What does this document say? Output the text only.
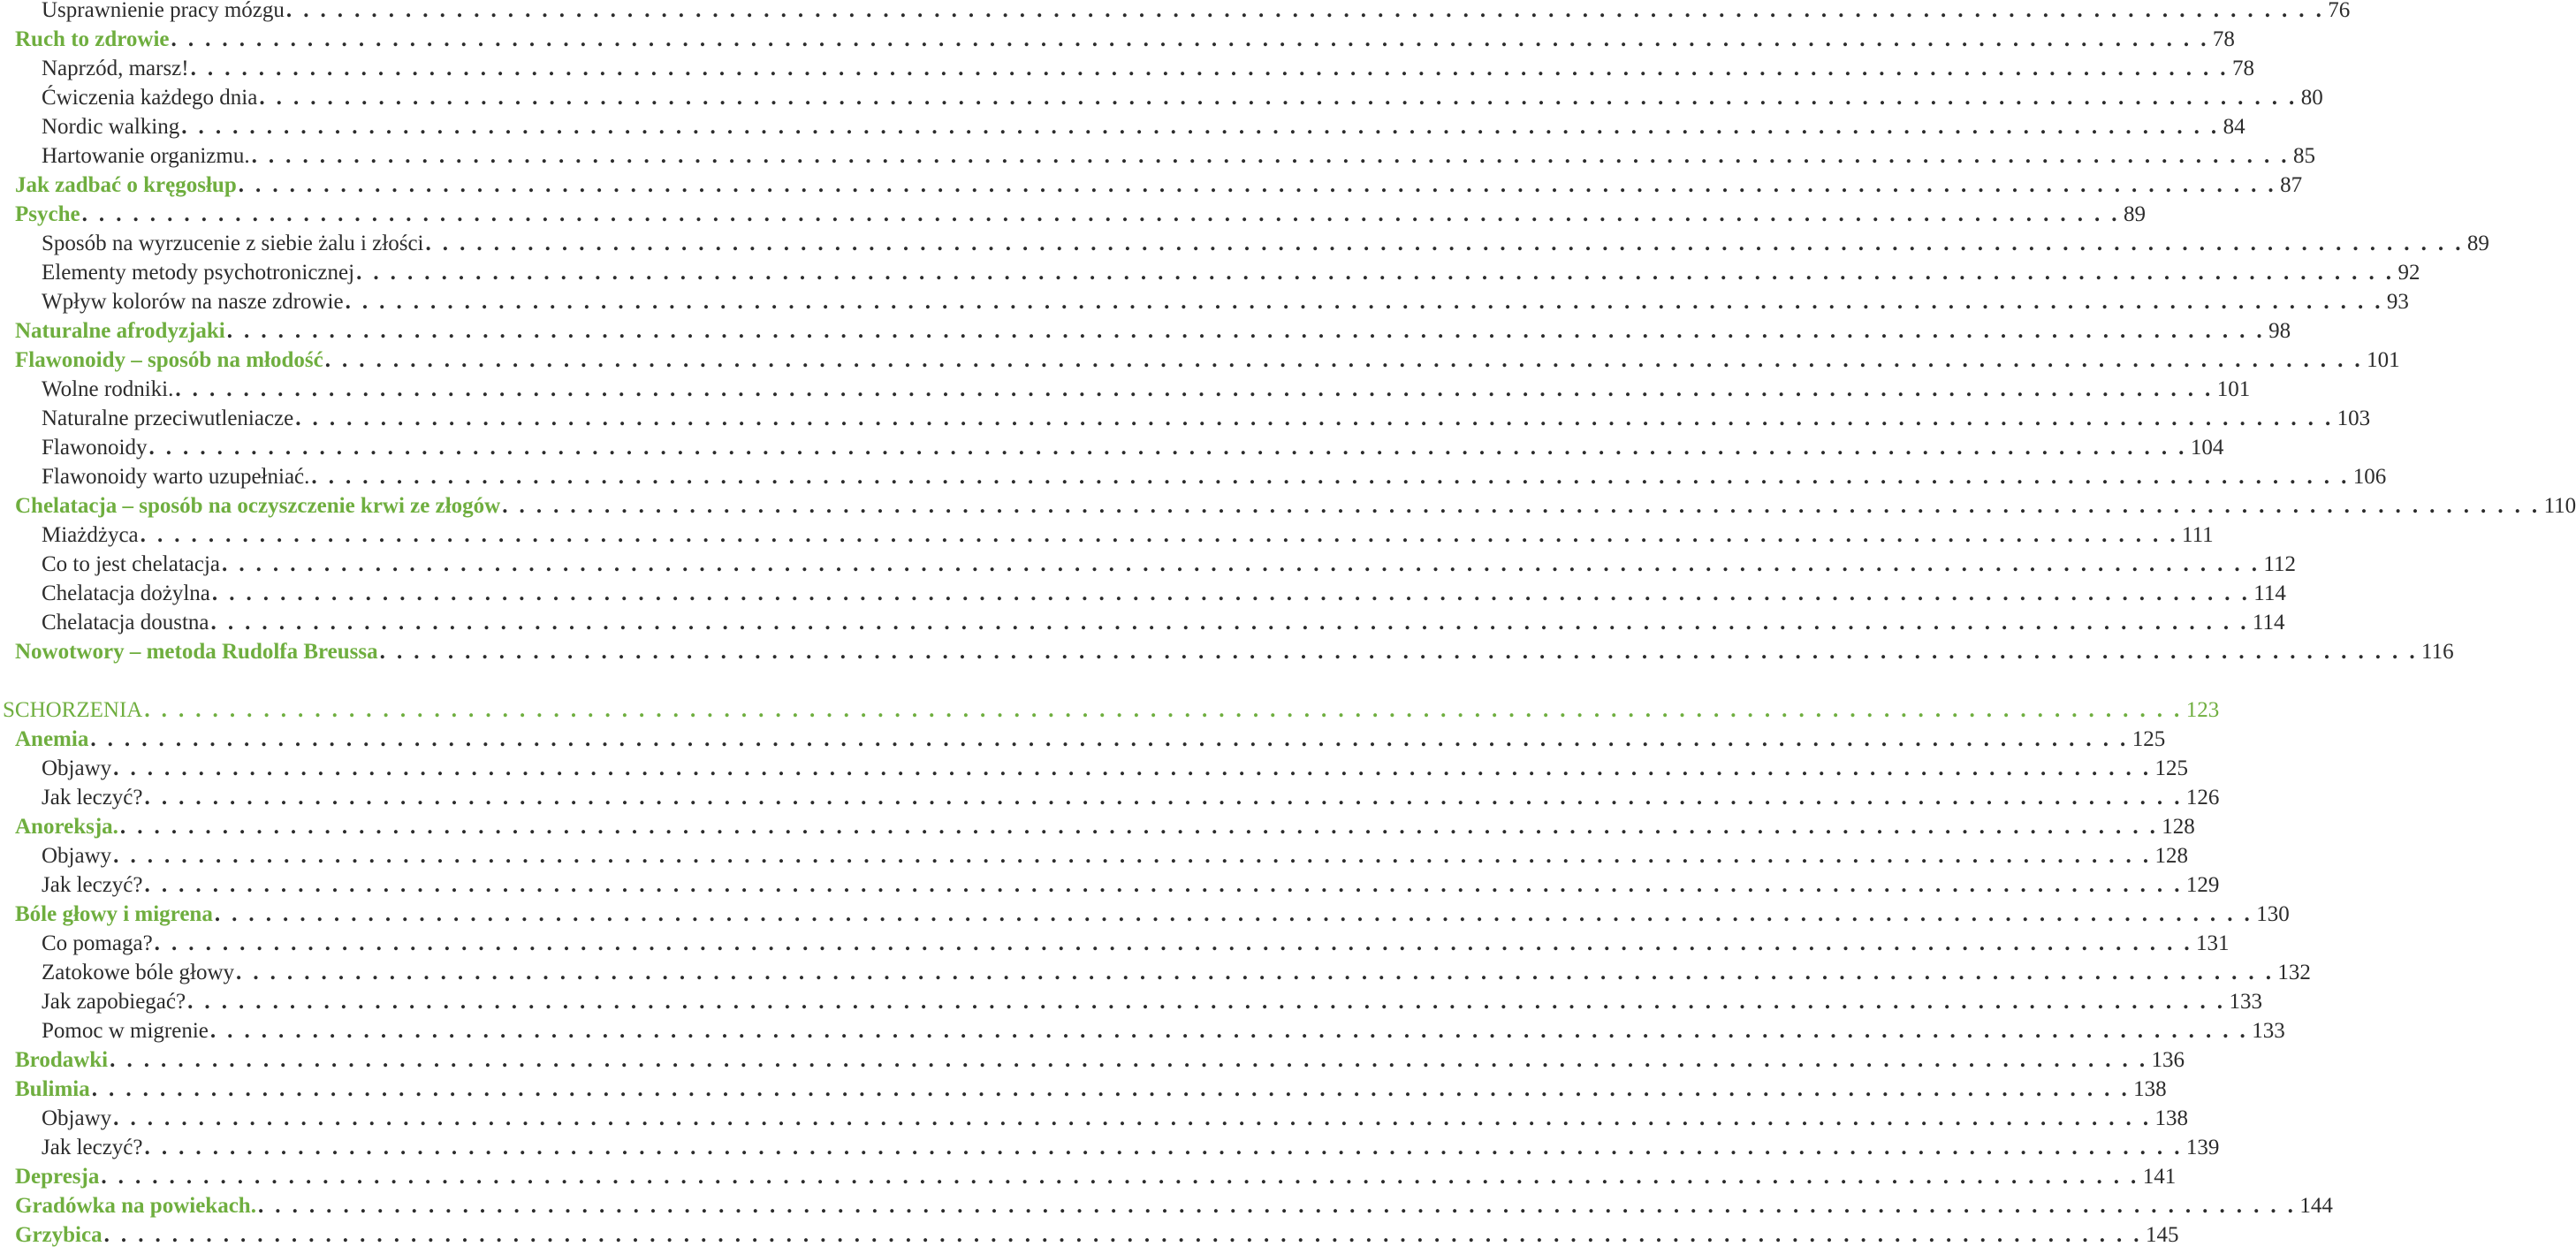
Usprawnienie pracy mózgu . . . . . . . . . . . . . . . . . . . . . . . . . . . . . . . . . . . . . . . . . . . . . . . . . . . . . . . . . . . . . . . . . . . . . . . . . . . . . . . . . . . . . . . . . . . . . . . . . . . . . . . . . . . . . . . . . . . . . . . . 76
Ruch to zdrowie . . . . . . . . . . . . . . . . . . . . . . . . . . . . . . . . . . . . . . . . . . . . . . . . . . . . . . . . . . . . . . . . . . . . . . . . . . . . . . . . . . . . . . . . . . . . . . . . . . . . . . . . . . . . . . . . . . . . . . . . 78
Naprzód, marsz! . . . . . . . . . . . . . . . . . . . . . . . . . . . . . . . . . . . . . . . . . . . . . . . . . . . . . . . . . . . . . . . . . . . . . . . . . . . . . . . . . . . . . . . . . . . . . . . . . . . . . . . . . . . . . . . . . . . . . . . . 78
Ćwiczenia każdego dnia . . . . . . . . . . . . . . . . . . . . . . . . . . . . . . . . . . . . . . . . . . . . . . . . . . . . . . . . . . . . . . . . . . . . . . . . . . . . . . . . . . . . . . . . . . . . . . . . . . . . . . . . . . . . . . . . . . . . . . . . 80
Nordic walking . . . . . . . . . . . . . . . . . . . . . . . . . . . . . . . . . . . . . . . . . . . . . . . . . . . . . . . . . . . . . . . . . . . . . . . . . . . . . . . . . . . . . . . . . . . . . . . . . . . . . . . . . . . . . . . . . . . . . . . . 84
Hartowanie organizmu. . . . . . . . . . . . . . . . . . . . . . . . . . . . . . . . . . . . . . . . . . . . . . . . . . . . . . . . . . . . . . . . . . . . . . . . . . . . . . . . . . . . . . . . . . . . . . . . . . . . . . . . . . . . . . . . . . . . . . . . . 85
Jak zadbać o kręgosłup . . . . . . . . . . . . . . . . . . . . . . . . . . . . . . . . . . . . . . . . . . . . . . . . . . . . . . . . . . . . . . . . . . . . . . . . . . . . . . . . . . . . . . . . . . . . . . . . . . . . . . . . . . . . . . . . . . . . . . . . 87
Psyche . . . . . . . . . . . . . . . . . . . . . . . . . . . . . . . . . . . . . . . . . . . . . . . . . . . . . . . . . . . . . . . . . . . . . . . . . . . . . . . . . . . . . . . . . . . . . . . . . . . . . . . . . . . . . . . . . . . . . . . . 89
Sposób na wyrzucenie z siebie żalu i złości . . . . . . . . . . . . . . . . . . . . . . . . . . . . . . . . . . . . . . . . . . . . . . . . . . . . . . . . . . . . . . . . . . . . . . . . . . . . . . . . . . . . . . . . . . . . . . . . . . . . . . . . . . . . . . . . . . . . . . . . 89
Elementy metody psychotronicznej . . . . . . . . . . . . . . . . . . . . . . . . . . . . . . . . . . . . . . . . . . . . . . . . . . . . . . . . . . . . . . . . . . . . . . . . . . . . . . . . . . . . . . . . . . . . . . . . . . . . . . . . . . . . . . . . . . . . . . . . 92
Wpływ kolorów na nasze zdrowie . . . . . . . . . . . . . . . . . . . . . . . . . . . . . . . . . . . . . . . . . . . . . . . . . . . . . . . . . . . . . . . . . . . . . . . . . . . . . . . . . . . . . . . . . . . . . . . . . . . . . . . . . . . . . . . . . . . . . . . . 93
Naturalne afrodyzjaki . . . . . . . . . . . . . . . . . . . . . . . . . . . . . . . . . . . . . . . . . . . . . . . . . . . . . . . . . . . . . . . . . . . . . . . . . . . . . . . . . . . . . . . . . . . . . . . . . . . . . . . . . . . . . . . . . . . . . . . . 98
Flawonoidy – sposób na młodość . . . . . . . . . . . . . . . . . . . . . . . . . . . . . . . . . . . . . . . . . . . . . . . . . . . . . . . . . . . . . . . . . . . . . . . . . . . . . . . . . . . . . . . . . . . . . . . . . . . . . . . . . . . . . . . . . . . . . . . . 101
Wolne rodniki. . . . . . . . . . . . . . . . . . . . . . . . . . . . . . . . . . . . . . . . . . . . . . . . . . . . . . . . . . . . . . . . . . . . . . . . . . . . . . . . . . . . . . . . . . . . . . . . . . . . . . . . . . . . . . . . . . . . . . . . . 101
Naturalne przeciwutleniacze . . . . . . . . . . . . . . . . . . . . . . . . . . . . . . . . . . . . . . . . . . . . . . . . . . . . . . . . . . . . . . . . . . . . . . . . . . . . . . . . . . . . . . . . . . . . . . . . . . . . . . . . . . . . . . . . . . . . . . . . 103
Flawonoidy . . . . . . . . . . . . . . . . . . . . . . . . . . . . . . . . . . . . . . . . . . . . . . . . . . . . . . . . . . . . . . . . . . . . . . . . . . . . . . . . . . . . . . . . . . . . . . . . . . . . . . . . . . . . . . . . . . . . . . . . 104
Flawonoidy warto uzupełniać. . . . . . . . . . . . . . . . . . . . . . . . . . . . . . . . . . . . . . . . . . . . . . . . . . . . . . . . . . . . . . . . . . . . . . . . . . . . . . . . . . . . . . . . . . . . . . . . . . . . . . . . . . . . . . . . . . . . . . . . . 106
Chelatacja – sposób na oczyszczenie krwi ze złogów . . . . . . . . . . . . . . . . . . . . . . . . . . . . . . . . . . . . . . . . . . . . . . . . . . . . . . . . . . . . . . . . . . . . . . . . . . . . . . . . . . . . . . . . . . . . . . . . . . . . . . . . . . . . . . . . . . . . . . . . 110
Miażdżyca . . . . . . . . . . . . . . . . . . . . . . . . . . . . . . . . . . . . . . . . . . . . . . . . . . . . . . . . . . . . . . . . . . . . . . . . . . . . . . . . . . . . . . . . . . . . . . . . . . . . . . . . . . . . . . . . . . . . . . . . 111
Co to jest chelatacja . . . . . . . . . . . . . . . . . . . . . . . . . . . . . . . . . . . . . . . . . . . . . . . . . . . . . . . . . . . . . . . . . . . . . . . . . . . . . . . . . . . . . . . . . . . . . . . . . . . . . . . . . . . . . . . . . . . . . . . . 112
Chelatacja dożylna . . . . . . . . . . . . . . . . . . . . . . . . . . . . . . . . . . . . . . . . . . . . . . . . . . . . . . . . . . . . . . . . . . . . . . . . . . . . . . . . . . . . . . . . . . . . . . . . . . . . . . . . . . . . . . . . . . . . . . . . 114
Chelatacja doustna . . . . . . . . . . . . . . . . . . . . . . . . . . . . . . . . . . . . . . . . . . . . . . . . . . . . . . . . . . . . . . . . . . . . . . . . . . . . . . . . . . . . . . . . . . . . . . . . . . . . . . . . . . . . . . . . . . . . . . . . 114
Nowotwory – metoda Rudolfa Breussa . . . . . . . . . . . . . . . . . . . . . . . . . . . . . . . . . . . . . . . . . . . . . . . . . . . . . . . . . . . . . . . . . . . . . . . . . . . . . . . . . . . . . . . . . . . . . . . . . . . . . . . . . . . . . . . . . . . . . . . . 116
SCHORZENIA . . . . . . . . . . . . . . . . . . . . . . . . . . . . . . . . . . . . . . . . . . . . . . . . . . . . . . . . . . . . . . . . . . . . . . . . . . . . . . . . . . . . . . . . . . . . . . . . . . . . . . . . . . . . . . . . . . . . . . . . 123
Anemia . . . . . . . . . . . . . . . . . . . . . . . . . . . . . . . . . . . . . . . . . . . . . . . . . . . . . . . . . . . . . . . . . . . . . . . . . . . . . . . . . . . . . . . . . . . . . . . . . . . . . . . . . . . . . . . . . . . . . . . . 125
Objawy . . . . . . . . . . . . . . . . . . . . . . . . . . . . . . . . . . . . . . . . . . . . . . . . . . . . . . . . . . . . . . . . . . . . . . . . . . . . . . . . . . . . . . . . . . . . . . . . . . . . . . . . . . . . . . . . . . . . . . . . 125
Jak leczyć? . . . . . . . . . . . . . . . . . . . . . . . . . . . . . . . . . . . . . . . . . . . . . . . . . . . . . . . . . . . . . . . . . . . . . . . . . . . . . . . . . . . . . . . . . . . . . . . . . . . . . . . . . . . . . . . . . . . . . . . . 126
Anoreksja. . . . . . . . . . . . . . . . . . . . . . . . . . . . . . . . . . . . . . . . . . . . . . . . . . . . . . . . . . . . . . . . . . . . . . . . . . . . . . . . . . . . . . . . . . . . . . . . . . . . . . . . . . . . . . . . . . . . . . . . . 128
Objawy . . . . . . . . . . . . . . . . . . . . . . . . . . . . . . . . . . . . . . . . . . . . . . . . . . . . . . . . . . . . . . . . . . . . . . . . . . . . . . . . . . . . . . . . . . . . . . . . . . . . . . . . . . . . . . . . . . . . . . . . 128
Jak leczyć? . . . . . . . . . . . . . . . . . . . . . . . . . . . . . . . . . . . . . . . . . . . . . . . . . . . . . . . . . . . . . . . . . . . . . . . . . . . . . . . . . . . . . . . . . . . . . . . . . . . . . . . . . . . . . . . . . . . . . . . . 129
Bóle głowy i migrena . . . . . . . . . . . . . . . . . . . . . . . . . . . . . . . . . . . . . . . . . . . . . . . . . . . . . . . . . . . . . . . . . . . . . . . . . . . . . . . . . . . . . . . . . . . . . . . . . . . . . . . . . . . . . . . . . . . . . . . . 130
Co pomaga? . . . . . . . . . . . . . . . . . . . . . . . . . . . . . . . . . . . . . . . . . . . . . . . . . . . . . . . . . . . . . . . . . . . . . . . . . . . . . . . . . . . . . . . . . . . . . . . . . . . . . . . . . . . . . . . . . . . . . . . . 131
Zatokowe bóle głowy . . . . . . . . . . . . . . . . . . . . . . . . . . . . . . . . . . . . . . . . . . . . . . . . . . . . . . . . . . . . . . . . . . . . . . . . . . . . . . . . . . . . . . . . . . . . . . . . . . . . . . . . . . . . . . . . . . . . . . . . 132
Jak zapobiegać? . . . . . . . . . . . . . . . . . . . . . . . . . . . . . . . . . . . . . . . . . . . . . . . . . . . . . . . . . . . . . . . . . . . . . . . . . . . . . . . . . . . . . . . . . . . . . . . . . . . . . . . . . . . . . . . . . . . . . . . . 133
Pomoc w migrenie . . . . . . . . . . . . . . . . . . . . . . . . . . . . . . . . . . . . . . . . . . . . . . . . . . . . . . . . . . . . . . . . . . . . . . . . . . . . . . . . . . . . . . . . . . . . . . . . . . . . . . . . . . . . . . . . . . . . . . . . 133
Brodawki . . . . . . . . . . . . . . . . . . . . . . . . . . . . . . . . . . . . . . . . . . . . . . . . . . . . . . . . . . . . . . . . . . . . . . . . . . . . . . . . . . . . . . . . . . . . . . . . . . . . . . . . . . . . . . . . . . . . . . . . 136
Bulimia . . . . . . . . . . . . . . . . . . . . . . . . . . . . . . . . . . . . . . . . . . . . . . . . . . . . . . . . . . . . . . . . . . . . . . . . . . . . . . . . . . . . . . . . . . . . . . . . . . . . . . . . . . . . . . . . . . . . . . . . 138
Objawy . . . . . . . . . . . . . . . . . . . . . . . . . . . . . . . . . . . . . . . . . . . . . . . . . . . . . . . . . . . . . . . . . . . . . . . . . . . . . . . . . . . . . . . . . . . . . . . . . . . . . . . . . . . . . . . . . . . . . . . . 138
Jak leczyć? . . . . . . . . . . . . . . . . . . . . . . . . . . . . . . . . . . . . . . . . . . . . . . . . . . . . . . . . . . . . . . . . . . . . . . . . . . . . . . . . . . . . . . . . . . . . . . . . . . . . . . . . . . . . . . . . . . . . . . . . 139
Depresja . . . . . . . . . . . . . . . . . . . . . . . . . . . . . . . . . . . . . . . . . . . . . . . . . . . . . . . . . . . . . . . . . . . . . . . . . . . . . . . . . . . . . . . . . . . . . . . . . . . . . . . . . . . . . . . . . . . . . . . . 141
Gradówka na powiekach. . . . . . . . . . . . . . . . . . . . . . . . . . . . . . . . . . . . . . . . . . . . . . . . . . . . . . . . . . . . . . . . . . . . . . . . . . . . . . . . . . . . . . . . . . . . . . . . . . . . . . . . . . . . . . . . . . . . . . . . . 144
Grzybica . . . . . . . . . . . . . . . . . . . . . . . . . . . . . . . . . . . . . . . . . . . . . . . . . . . . . . . . . . . . . . . . . . . . . . . . . . . . . . . . . . . . . . . . . . . . . . . . . . . . . . . . . . . . . . . . . . . . . . . . 145
